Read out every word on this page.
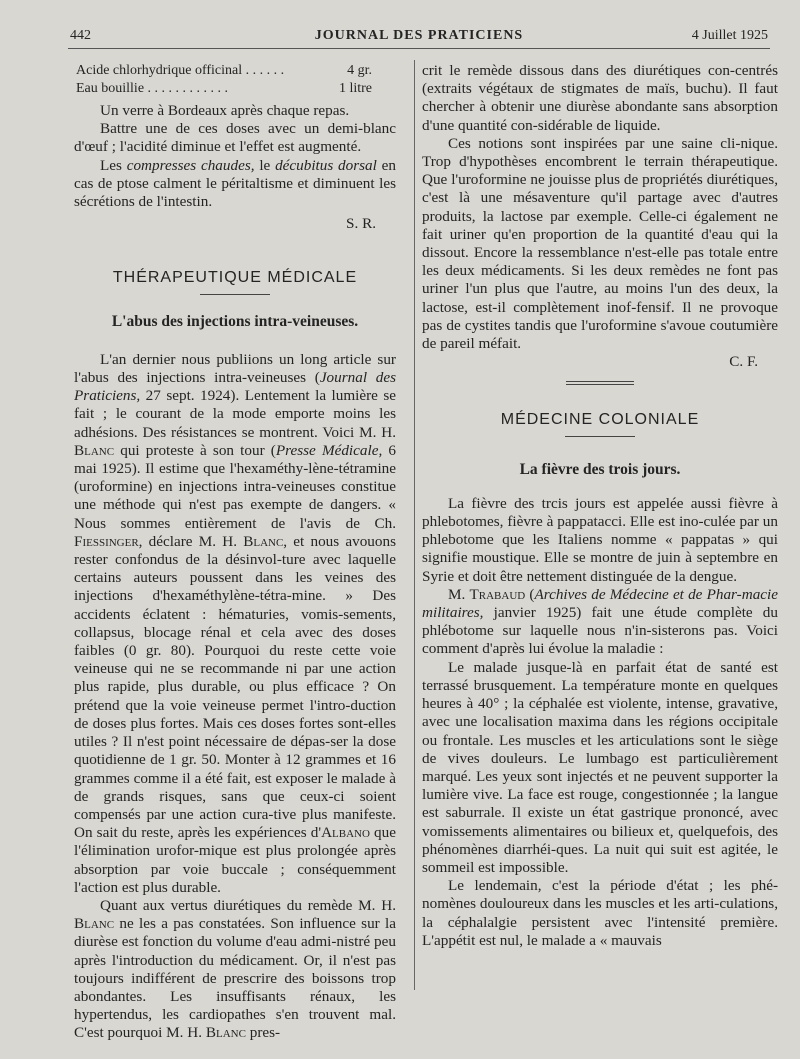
442	JOURNAL DES PRATICIENS	4 Juillet 1925
Acide chlorhydrique officinal . . . . . .	4 gr.
Eau bouillie . . . . . . . . . . . .	1 litre

Un verre à Bordeaux après chaque repas.

Battre une de ces doses avec un demi-blanc d'œuf ; l'acidité diminue et l'effet est augmenté.

Les compresses chaudes, le décubitus dorsal en cas de ptose calment le péritaltisme et diminuent les sécrétions de l'intestin.

S. R.

THÉRAPEUTIQUE MÉDICALE

L'abus des injections intra-veineuses.

L'an dernier nous publiions un long article sur l'abus des injections intra-veineuses (Journal des Praticiens, 27 sept. 1924). Lentement la lumière se fait ; le courant de la mode emporte moins les adhésions. Des résistances se montrent. Voici M. H. Blanc qui proteste à son tour (Presse Médicale, 6 mai 1925). Il estime que l'hexaméthy-lène-tétramine (uroformine) en injections intra-veineuses constitue une méthode qui n'est pas exempte de dangers. « Nous sommes entièrement de l'avis de Ch. Fiessinger, déclare M. H. Blanc, et nous avouons rester confondus de la désinvol-ture avec laquelle certains auteurs poussent dans les veines des injections d'hexaméthylène-tétra-mine. » Des accidents éclatent : hématuries, vomis-sements, collapsus, blocage rénal et cela avec des doses faibles (0 gr. 80). Pourquoi du reste cette voie veineuse qui ne se recommande ni par une action plus rapide, plus durable, ou plus efficace ? On prétend que la voie veineuse permet l'intro-duction de doses plus fortes. Mais ces doses fortes sont-elles utiles ? Il n'est point nécessaire de dépas-ser la dose quotidienne de 1 gr. 50. Monter à 12 grammes et 16 grammes comme il a été fait, est exposer le malade à de grands risques, sans que ceux-ci soient compensés par une action cura-tive plus manifeste. On sait du reste, après les expériences d'Albano que l'élimination urofor-mique est plus prolongée après absorption par voie buccale ; conséquemment l'action est plus durable.

Quant aux vertus diurétiques du remède M. H. Blanc ne les a pas constatées. Son influence sur la diurèse est fonction du volume d'eau admi-nistré peu après l'introduction du médicament. Or, il n'est pas toujours indifférent de prescrire des boissons trop abondantes. Les insuffisants rénaux, les hypertendus, les cardiopathes s'en trouvent mal. C'est pourquoi M. H. Blanc pres-

crit le remède dissous dans des diurétiques con-centrés (extraits végétaux de stigmates de maïs, buchu). Il faut chercher à obtenir une diurèse abondante sans absorption d'une quantité con-sidérable de liquide.

Ces notions sont inspirées par une saine cli-nique. Trop d'hypothèses encombrent le terrain thérapeutique. Que l'uroformine ne jouisse plus de propriétés diurétiques, c'est là une mésaventure qu'il partage avec d'autres produits, la lactose par exemple. Celle-ci également ne fait uriner qu'en proportion de la quantité d'eau qui la dissout. Encore la ressemblance n'est-elle pas totale entre les deux médicaments. Si les deux remèdes ne font pas uriner l'un plus que l'autre, au moins l'un des deux, la lactose, est-il complètement inof-fensif. Il ne provoque pas de cystites tandis que l'uroformine s'avoue coutumière de pareil méfait.

C. F.

MÉDECINE COLONIALE

La fièvre des trois jours.

La fièvre des trcis jours est appelée aussi fièvre à phlebotomes, fièvre à pappatacci. Elle est ino-culée par un phlebotome que les Italiens nomme « pappatas » qui signifie moustique. Elle se montre de juin à septembre en Syrie et doit être nettement distinguée de la dengue.

M. Trabaud (Archives de Médecine et de Phar-macie militaires, janvier 1925) fait une étude complète du phlébotome sur laquelle nous n'in-sisterons pas. Voici comment d'après lui évolue la maladie :

Le malade jusque-là en parfait état de santé est terrassé brusquement. La température monte en quelques heures à 40° ; la céphalée est violente, intense, gravative, avec une localisation maxima dans les régions occipitale ou frontale. Les muscles et les articulations sont le siège de vives douleurs. Le lumbago est particulièrement marqué. Les yeux sont injectés et ne peuvent supporter la lumière vive. La face est rouge, congestionnée ; la langue est saburrale. Il existe un état gastrique prononcé, avec vomissements alimentaires ou bilieux et, quelquefois, des phénomènes diarrhéi-ques. La nuit qui suit est agitée, le sommeil est impossible.

Le lendemain, c'est la période d'état ; les phé-nomènes douloureux dans les muscles et les arti-culations, la céphalalgie persistent avec l'intensité première. L'appétit est nul, le malade a « mauvais
